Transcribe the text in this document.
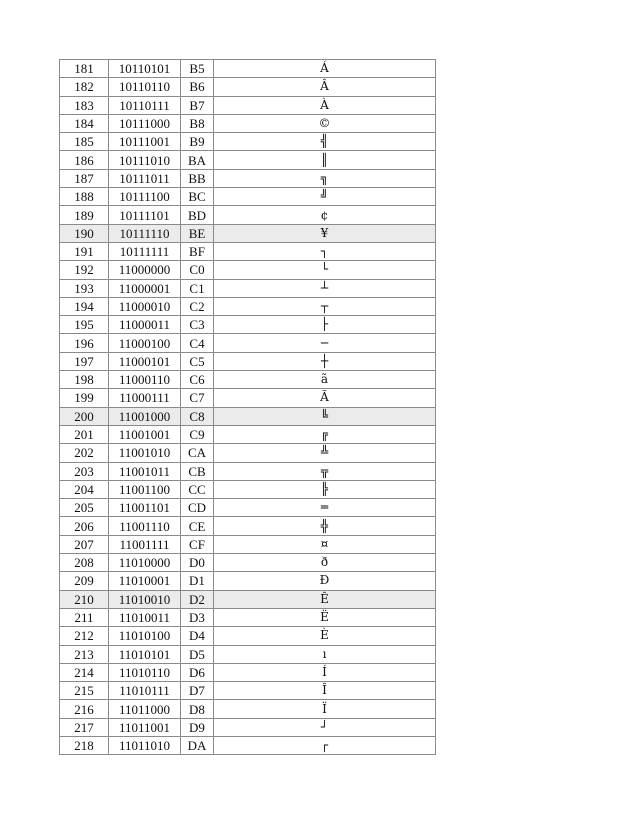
181	10110101	B5	Á
182	10110110	B6	Â
183	10110111	B7	À
184	10111000	B8	©
185	10111001	B9	╣
186	10111010	BA	║
187	10111011	BB	╗
188	10111100	BC	╝
189	10111101	BD	¢
190	10111110	BE	¥
191	10111111	BF	┐
192	11000000	C0	└
193	11000001	C1	┴
194	11000010	C2	┬
195	11000011	C3	├
196	11000100	C4	─
197	11000101	C5	┼
198	11000110	C6	ã
199	11000111	C7	Ã
200	11001000	C8	╚
201	11001001	C9	╔
202	11001010	CA	╩
203	11001011	CB	╦
204	11001100	CC	╠
205	11001101	CD	═
206	11001110	CE	╬
207	11001111	CF	¤
208	11010000	D0	ð
209	11010001	D1	Ð
210	11010010	D2	Ê
211	11010011	D3	Ë
212	11010100	D4	È
213	11010101	D5	ı
214	11010110	D6	Í
215	11010111	D7	Î
216	11011000	D8	Ï
217	11011001	D9	┘
218	11011010	DA	┌
